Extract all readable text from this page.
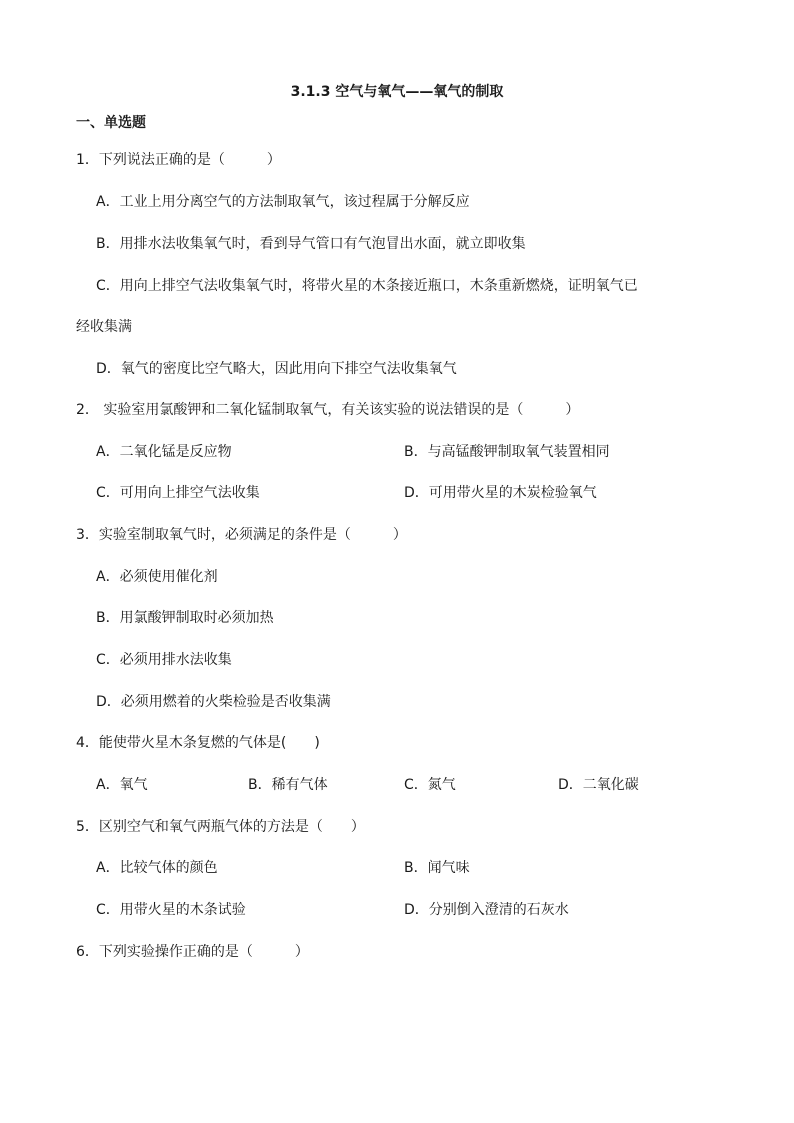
3.1.3 空气与氧气——氧气的制取
一、单选题
1．下列说法正确的是（　　　）
A．工业上用分离空气的方法制取氧气，该过程属于分解反应
B．用排水法收集氧气时，看到导气管口有气泡冒出水面，就立即收集
C．用向上排空气法收集氧气时，将带火星的木条接近瓶口，木条重新燃烧，证明氧气已
经收集满
D．氧气的密度比空气略大，因此用向下排空气法收集氧气
2． 实验室用氯酸钾和二氧化锰制取氧气，有关该实验的说法错误的是（　　　）
A．二氧化锰是反应物	B．与高锰酸钾制取氧气装置相同
C．可用向上排空气法收集	D．可用带火星的木炭检验氧气
3．实验室制取氧气时，必须满足的条件是（　　　）
A．必须使用催化剂
B．用氯酸钾制取时必须加热
C．必须用排水法收集
D．必须用燃着的火柴检验是否收集满
4．能使带火星木条复燃的气体是(　　)
A．氧气	B．稀有气体	C．氮气	D．二氧化碳
5．区别空气和氧气两瓶气体的方法是（　　）
A．比较气体的颜色	B．闻气味
C．用带火星的木条试验	D．分别倒入澄清的石灰水
6．下列实验操作正确的是（　　　）
